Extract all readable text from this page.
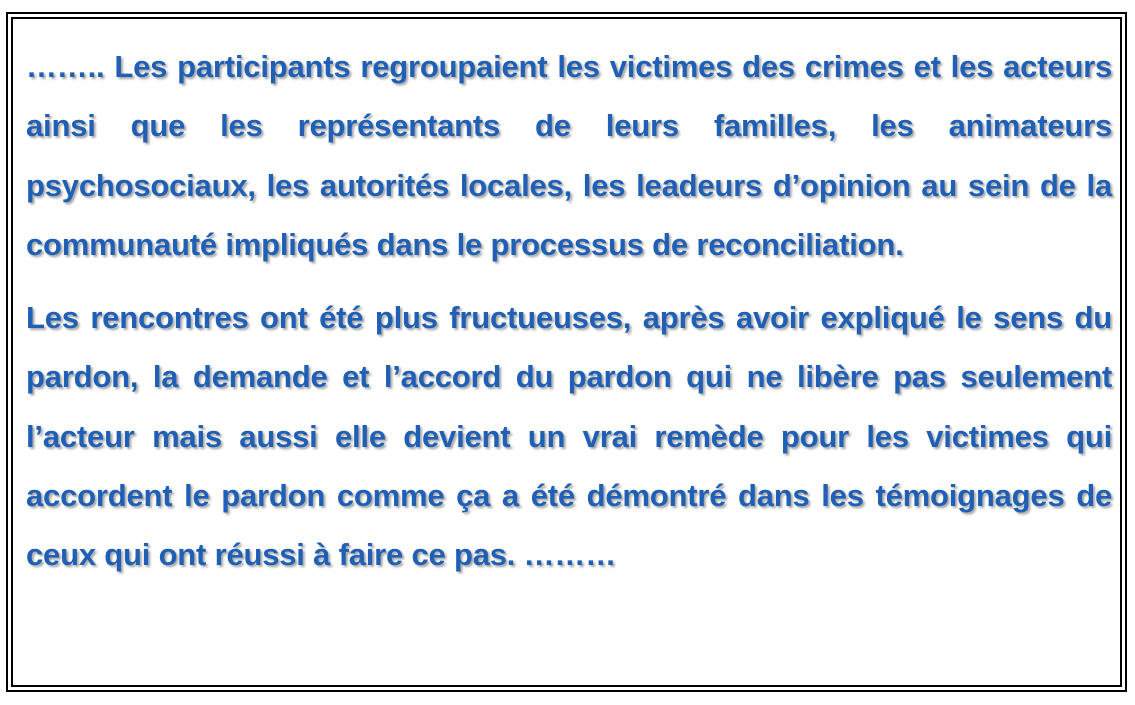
…….. Les participants regroupaient les victimes des crimes et les acteurs ainsi que les représentants de leurs familles, les animateurs psychosociaux, les autorités locales, les leadeurs d’opinion au sein de la communauté impliqués dans le processus de reconciliation.

Les rencontres ont été plus fructueuses, après avoir expliqué le sens du pardon, la demande et l’accord du pardon qui ne libère pas seulement l’acteur mais aussi elle devient un vrai remède pour les victimes qui accordent le pardon comme ça a été démontré dans les témoignages de ceux qui ont réussi à faire ce pas. ………
